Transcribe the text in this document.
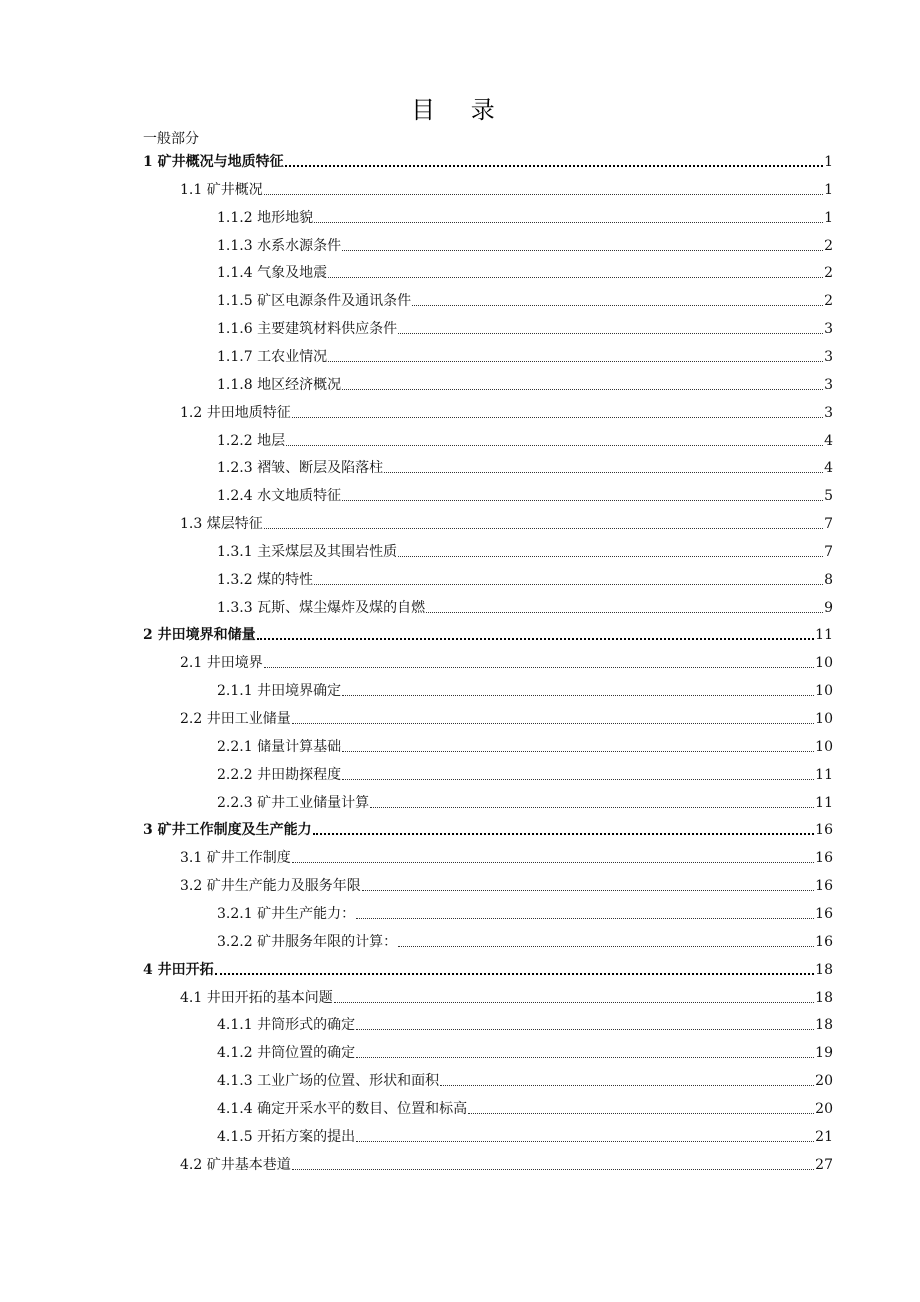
目 录
一般部分
1 矿井概况与地质特征	1
1.1 矿井概况	1
1.1.2 地形地貌	1
1.1.3 水系水源条件	2
1.1.4 气象及地震	2
1.1.5 矿区电源条件及通讯条件	2
1.1.6 主要建筑材料供应条件	3
1.1.7 工农业情况	3
1.1.8 地区经济概况	3
1.2 井田地质特征	3
1.2.2 地层	4
1.2.3 褶皱、断层及陷落柱	4
1.2.4 水文地质特征	5
1.3 煤层特征	7
1.3.1 主采煤层及其围岩性质	7
1.3.2 煤的特性	8
1.3.3 瓦斯、煤尘爆炸及煤的自燃	9
2 井田境界和储量	11
2.1 井田境界	10
2.1.1 井田境界确定	10
2.2 井田工业储量	10
2.2.1 储量计算基础	10
2.2.2 井田勘探程度	11
2.2.3 矿井工业储量计算	11
3 矿井工作制度及生产能力	16
3.1 矿井工作制度	16
3.2 矿井生产能力及服务年限	16
3.2.1 矿井生产能力：	16
3.2.2 矿井服务年限的计算：	16
4 井田开拓	18
4.1 井田开拓的基本问题	18
4.1.1 井筒形式的确定	18
4.1.2 井筒位置的确定	19
4.1.3 工业广场的位置、形状和面积	20
4.1.4 确定开采水平的数目、位置和标高	20
4.1.5 开拓方案的提出	21
4.2 矿井基本巷道	27
